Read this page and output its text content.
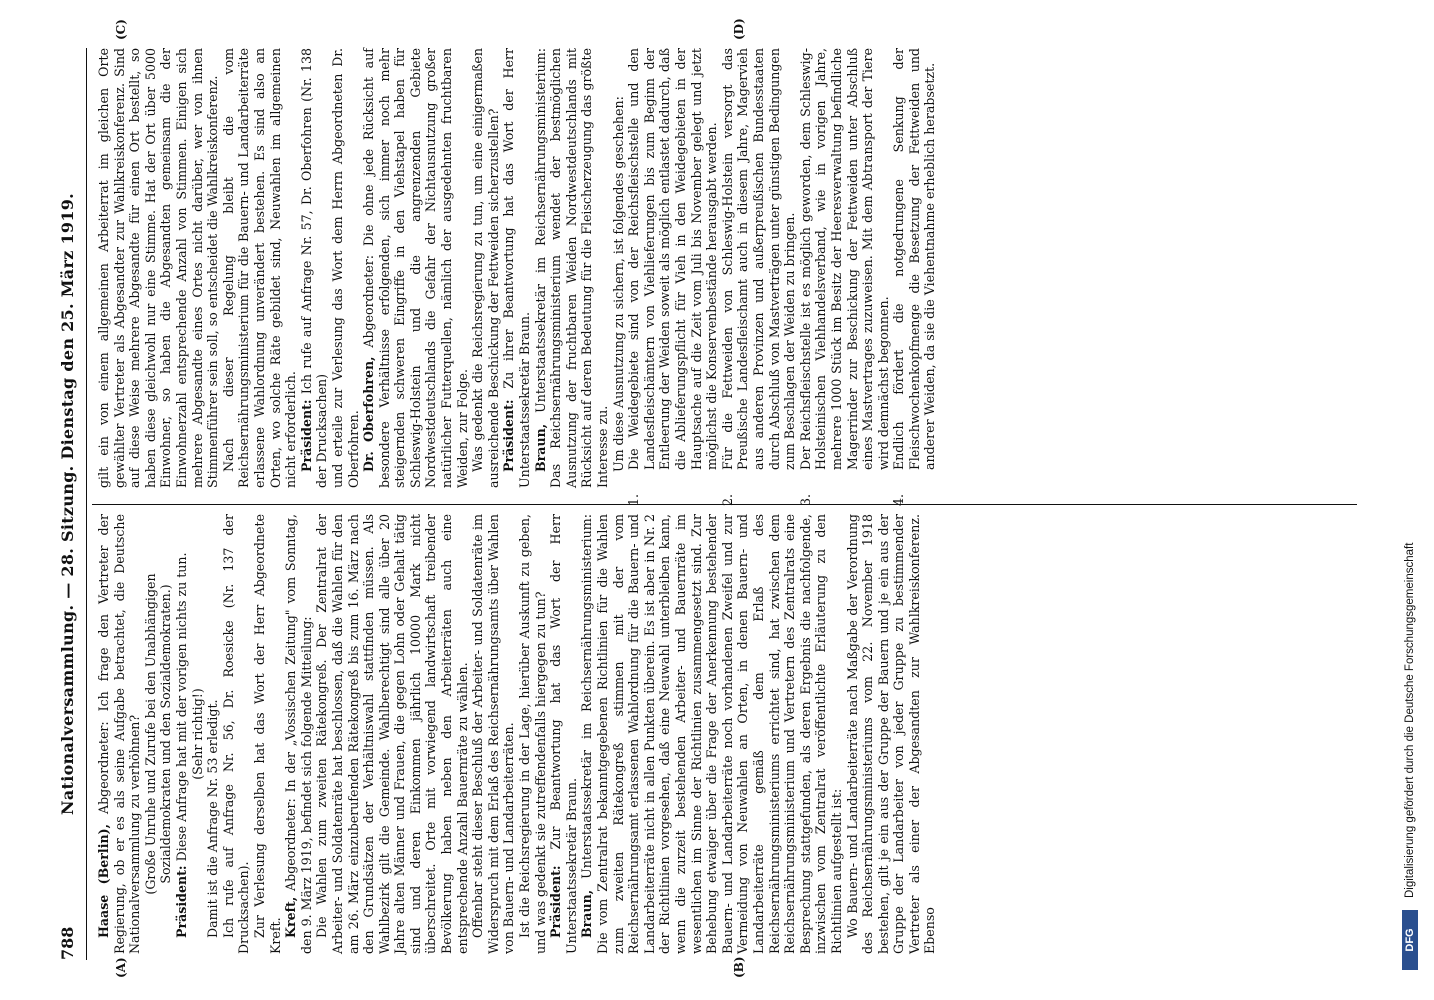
788
Nationalversammlung. — 28. Sitzung. Dienstag den 25. März 1919.
(A)	(B)
(C)	(D)

Haase (Berlin), Abgeordneter: Ich frage den Vertreter der Regierung, ob er es als seine Aufgabe betrachtet, die Deutsche Nationalversammlung zu verhöhnen? (Große Unruhe und Zurufe bei den Unabhängigen Sozialdemokraten und den Sozialdemokraten.)

Präsident: Diese Anfrage hat mit der vorigen nichts zu tun. (Sehr richtig!) Damit ist die Anfrage Nr. 53 erledigt. Ich rufe auf Anfrage Nr. 56, Dr. Roesicke (Nr. 137 der Drucksachen). Zur Verlesung derselben hat das Wort der Herr Abgeordnete Kreft. Kreft, Abgeordneter: In der „Vossischen Zeitung" vom Sonntag, den 9. März 1919, befindet sich folgende Mitteilung: Die Wahlen zum zweiten Rätekongreß. Der Zentralrat der Arbeiter- und Soldatenräte hat beschlossen, daß die Wahlen für den am 26. März einzuberufenden Rätekongreß bis zum 16. März nach den Grundsätzen der Verhältniswahl stattfinden müssen. Als Wahlbezirk gilt die Gemeinde. Wahlberechtigt sind alle über 20 Jahre alten Männer und Frauen, die gegen Lohn oder Gehalt tätig sind und deren Einkommen jährlich 10000 Mark nicht überschreitet. Orte mit vorwiegend landwirtschaft treibender Bevölkerung haben neben den Arbeiterräten auch eine entsprechende Anzahl Bauernräte zu wählen. Offenbar steht dieser Beschluß der Arbeiter- und Soldatenräte im Widerspruch mit dem Erlaß des Reichsernährungsamts über Wahlen von Bauern- und Landarbeiterräten. Ist die Reichsregierung in der Lage, hierüber Auskunft zu geben, und was gedenkt sie zutreffendenfalls hiergegen zu tun? Präsident: Zur Beantwortung hat das Wort der Herr Unterstaatssekretär Braun. Braun, Unterstaatssekretär im Reichsernährungsministerium: Die vom Zentralrat bekanntgegebenen Richtlinien für die Wahlen zum zweiten Rätekongreß stimmen mit der vom Reichsernährungsamt erlassenen Wahlordnung für die Bauern- und Landarbeiterräte nicht in allen Punkten überein. Es ist aber in Nr. 2 der Richtlinien vorgesehen, daß eine Neuwahl unterbleiben kann, wenn die zurzeit bestehenden Arbeiter- und Bauernräte im wesentlichen im Sinne der Richtlinien zusammengesetzt sind. Zur Behebung etwaiger über die Frage der Anerkennung bestehender Bauern- und Landarbeiterräte noch vorhandenen Zweifel und zur Vermeidung von Neuwahlen an Orten, in denen Bauern- und Landarbeiterräte gemäß dem Erlaß des Reichsernährungsministeriums errichtet sind, hat zwischen dem Reichsernährungsministerium und Vertretern des Zentralrats eine Besprechung stattgefunden, als deren Ergebnis die nachfolgende, inzwischen vom Zentralrat veröffentlichte Erläuterung zu den Richtlinien aufgestellt ist: Wo Bauern- und Landarbeiterräte nach Maßgabe der Verordnung des Reichsernährungsministeriums vom 22. November 1918 bestehen, gilt je ein aus der Gruppe der Bauern und je ein aus der Gruppe der Landarbeiter von jeder Gruppe zu bestimmender Vertreter als einer der Abgesandten zur Wahlkreiskonferenz. Ebenso

gilt ein von einem allgemeinen Arbeiterrat im gleichen Orte gewählter Vertreter als Abgesandter zur Wahlkreiskonferenz. Sind auf diese Weise mehrere Abgesandte für einen Ort bestellt, so haben diese gleichwohl nur eine Stimme. Hat der Ort über 5000 Einwohner, so haben die Abgesandten gemeinsam die der Einwohnerzahl entsprechende Anzahl von Stimmen. Einigen sich mehrere Abgesandte eines Ortes nicht darüber, wer von ihnen Stimmenführer sein soll, so entscheidet die Wahlkreiskonferenz. Nach dieser Regelung bleibt die vom Reichsernährungsministerium für die Bauern- und Landarbeiterräte erlassene Wahlordnung unverändert bestehen. Es sind also an Orten, wo solche Räte gebildet sind, Neuwahlen im allgemeinen nicht erforderlich. Präsident: Ich rufe auf Anfrage Nr. 57, Dr. Oberfohren (Nr. 138 der Drucksachen) und erteile zur Verlesung das Wort dem Herrn Abgeordneten Dr. Oberfohren. Dr. Oberfohren, Abgeordneter: Die ohne jede Rücksicht auf besondere Verhältnisse erfolgenden, sich immer noch mehr steigernden schweren Eingriffe in den Viehstapel haben für Schleswig-Holstein und die angrenzenden Gebiete Nordwestdeutschlands die Gefahr der Nichtausnutzung großer natürlicher Futterquellen, nämlich der ausgedehnten fruchtbaren Weiden, zur Folge. Was gedenkt die Reichsregierung zu tun, um eine einigermaßen ausreichende Beschickung der Fettweiden sicherzustellen? Präsident: Zu ihrer Beantwortung hat das Wort der Herr Unterstaatssekretär Braun. Braun, Unterstaatssekretär im Reichsernährungsministerium: Das Reichsernährungsministerium wendet der bestmöglichen Ausnutzung der fruchtbaren Weiden Nordwestdeutschlands mit Rücksicht auf deren Bedeutung für die Fleischerzeugung das größte Interesse zu. Um diese Ausnutzung zu sichern, ist folgendes geschehen:

1.Die Weidegebiete sind von der Reichsfleischstelle und den Landesfleischämtern von Viehlieferungen bis zum Beginn der Entleerung der Weiden soweit als möglich entlastet dadurch, daß die Ablieferungspflicht für Vieh in den Weidegebieten in der Hauptsache auf die Zeit vom Juli bis November gelegt und jetzt möglichst die Konservenbestände herausgabt werden.

2.Für die Fettweiden von Schleswig-Holstein versorgt das Preußische Landesfleischamt auch in diesem Jahre, Magervieh aus anderen Provinzen und außerpreußischen Bundesstaaten durch Abschluß von Mastverträgen unter günstigen Bedingungen zum Beschlagen der Weiden zu bringen.

3.Der Reichsfleischstelle ist es möglich geworden, dem Schleswig-Holsteinischen Viehhandelsverband, wie in vorigen Jahre, mehrere 1000 Stück im Besitz der Heeresverwaltung befindliche Magerrinder zur Beschickung der Fettweiden unter Abschluß eines Mastvertrages zuzuweisen. Mit dem Abtransport der Tiere wird demnächst begonnen.

4.Endlich fördert die notgedrungene Senkung der Fleischwochenkopfmenge die Besetzung der Fettweiden und anderer Weiden, da sie die Viehentnahme erheblich herabsetzt.

DFG
Digitalisierung gefördert durch die Deutsche Forschungsgemeinschaft
